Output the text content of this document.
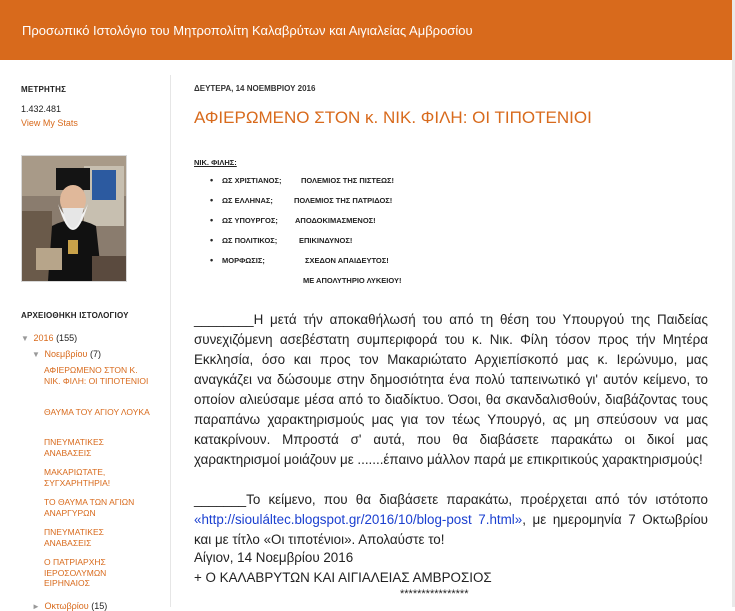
Προσωπικό Ιστολόγιο του Μητροπολίτη Καλαβρύτων και Αιγιαλείας Αμβροσίου
ΜΕΤΡΗΤΗΣ
1.432.481
View My Stats
ΑΡΧΕΙΟΘΗΚΗ ΙΣΤΟΛΟΓΙΟΥ
▼ 2016 (155)
▼ Νοεμβρίου (7)
ΑΦΙΕΡΩΜΕΝΟ ΣΤΟΝ Κ. ΝΙΚ. ΦΙΛΗ: ΟΙ ΤΙΠΟΤΕΝΙΟΙ
ΘΑΥΜΑ ΤΟΥ ΑΓΙΟΥ ΛΟΥΚΑ
ΠΝΕΥΜΑΤΙΚΕΣ ΑΝΑΒΑΣΕΙΣ
ΜΑΚΑΡΙΩΤΑΤΕ, ΣΥΓΧΑΡΗΤΗΡΙΑ!
ΤΟ ΘΑΥΜΑ ΤΩΝ ΑΓΙΩΝ ΑΝΑΡΓΥΡΩΝ
ΠΝΕΥΜΑΤΙΚΕΣ ΑΝΑΒΑΣΕΙΣ
Ο ΠΑΤΡΙΑΡΧΗΣ ΙΕΡΟΣΟΛΥΜΩΝ ΕΙΡΗΝΑΙΟΣ
► Οκτωβρίου (15)
ΔΕΥΤΕΡΑ, 14 ΝΟΕΜΒΡΙΟΥ 2016
ΑΦΙΕΡΩΜΕΝΟ ΣΤΟΝ κ. ΝΙΚ. ΦΙΛΗ: ΟΙ ΤΙΠΟΤΕΝΙΟΙ
ΝΙΚ. ΦΙΛΗΣ:
• ΩΣ ΧΡΙΣΤΙΑΝΟΣ;	ΠΟΛΕΜΙΟΣ ΤΗΣ ΠΙΣΤΕΩΣ!
• ΩΣ ΕΛΛΗΝΑΣ;	ΠΟΛΕΜΙΟΣ ΤΗΣ ΠΑΤΡΙΔΟΣ!
• ΩΣ ΥΠΟΥΡΓΟΣ; ΑΠΟΔΟΚΙΜΑΣΜΕΝΟΣ!
• ΩΣ ΠΟΛΙΤΙΚΟΣ;	ΕΠΙΚΙΝΔΥΝΟΣ!
• ΜΟΡΦΩΣΙΣ;	ΣΧΕΔΟΝ ΑΠΑΙΔΕΥΤΟΣ!
ΜΕ ΑΠΟΛΥΤΗΡΙΟ ΛΥΚΕΙΟΥ!
________Η μετά τήν αποκαθήλωσή του από τη θέση του Υπουργού της Παιδείας συνεχιζόμενη ασεβέστατη συμπεριφορά του κ. Νικ. Φίλη τόσον προς τήν Μητέρα Εκκλησία, όσο και προς τον Μακαριώτατο Αρχιεπίσκοπό μας κ. Ιερώνυμο, μας αναγκάζει να δώσουμε στην δημοσιότητα ένα πολύ ταπεινωτικό γι' αυτόν κείμενο, το οποίον αλιεύσαμε μέσα από το διαδίκτυο. Όσοι, θα σκανδαλισθούν, διαβάζοντας τους παραπάνω χαρακτηρισμούς μας για τον τέως Υπουργό, ας μη σπεύσουν να μας κατακρίνουν. Μπροστά σ' αυτά, που θα διαβάσετε παρακάτω οι δικοί μας χαρακτηρισμοί μοιάζουν με .......έπαινο μάλλον παρά με επικριτικούς χαρακτηρισμούς!
_______Το κείμενο, που θα διαβάσετε παρακάτω, προέρχεται από τόν ιστότοπο «http://siouláltec.blogspot.gr/2016/10/blog-post 7.html», με ημερομηνία 7 Οκτωβρίου και με τίτλο «Οι τιποτένιοι». Απολαύστε το!
Αίγιον, 14 Νοεμβρίου 2016
+ Ο ΚΑΛΑΒΡΥΤΩΝ ΚΑΙ ΑΙΓΙΑΛΕΙΑΣ ΑΜΒΡΟΣΙΟΣ
****************
